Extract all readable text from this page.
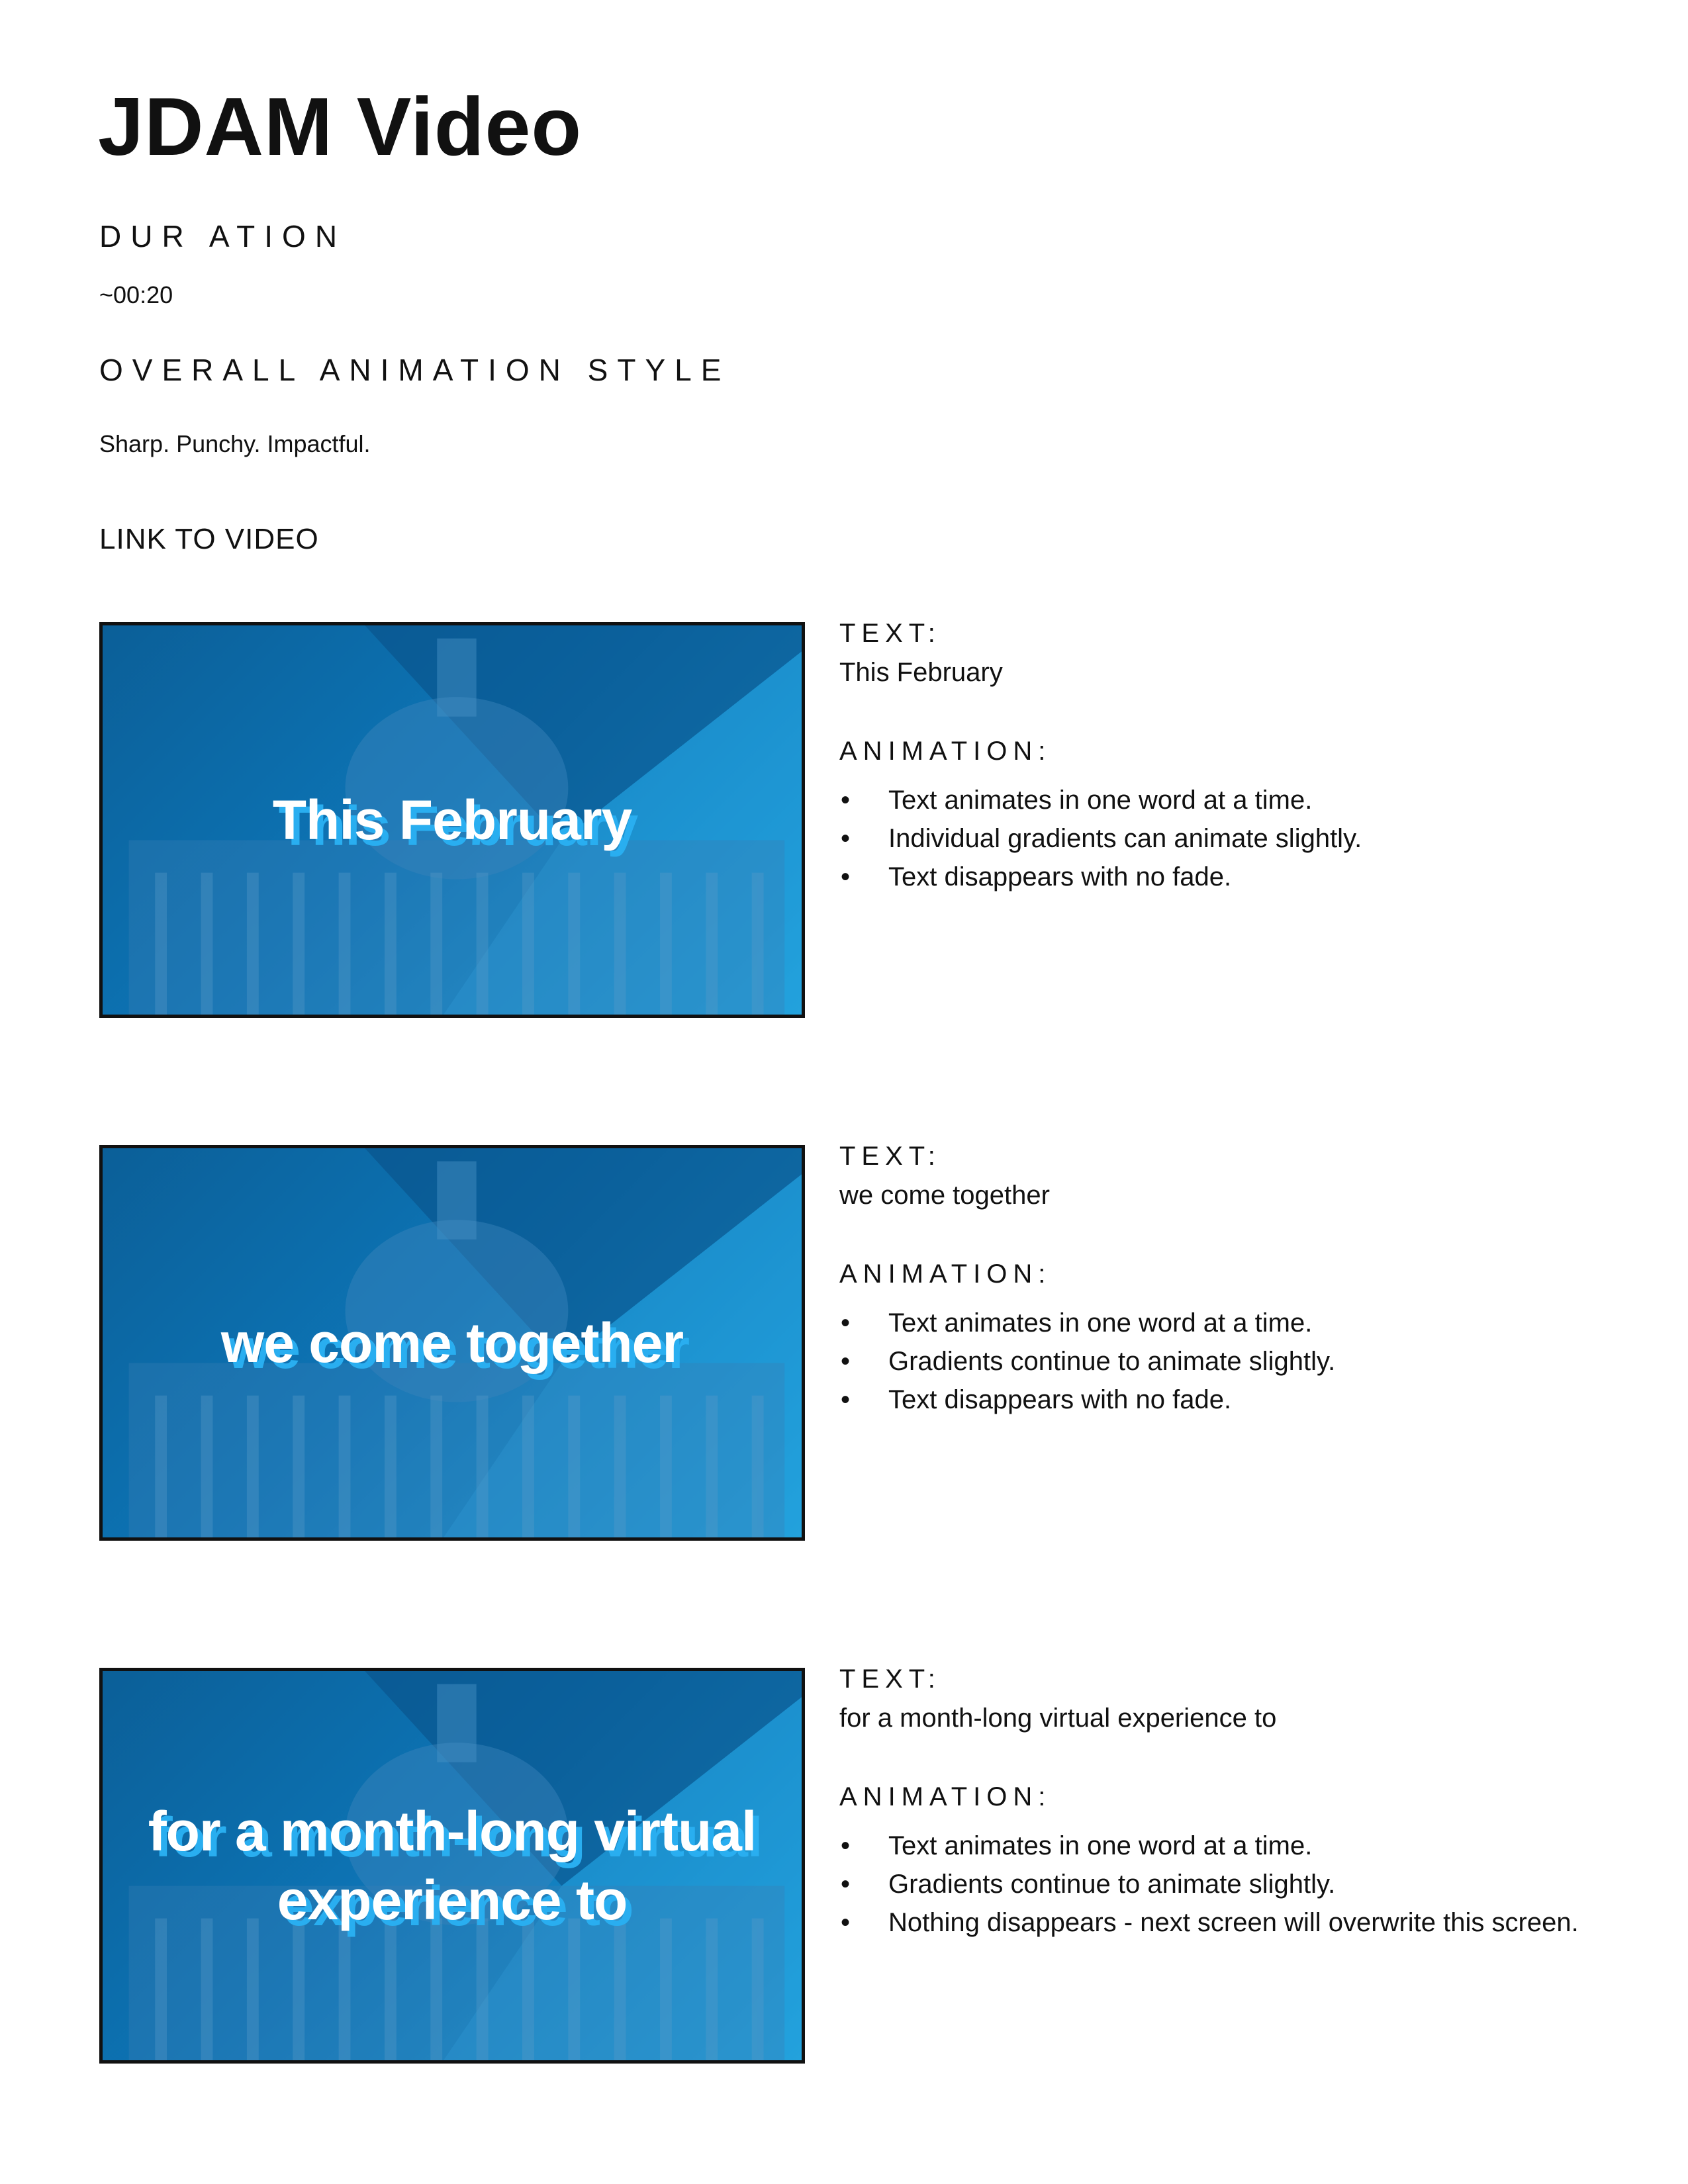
JDAM Video

DUR ATION

~00:20

OVERALL ANIMATION STYLE

Sharp. Punchy. Impactful.

LINK TO VIDEO

This February

TEXT:

This February

ANIMATION:

• Text animates in one word at a time.
• Individual gradients can animate slightly.
• Text disappears with no fade.
we come together

TEXT:

we come together

ANIMATION:

• Text animates in one word at a time.
• Gradients continue to animate slightly.
• Text disappears with no fade.
for a month-long virtual experience to

TEXT:

for a month-long virtual experience to

ANIMATION:

• Text animates in one word at a time.
• Gradients continue to animate slightly.
• Nothing disappears - next screen will overwrite this screen.
